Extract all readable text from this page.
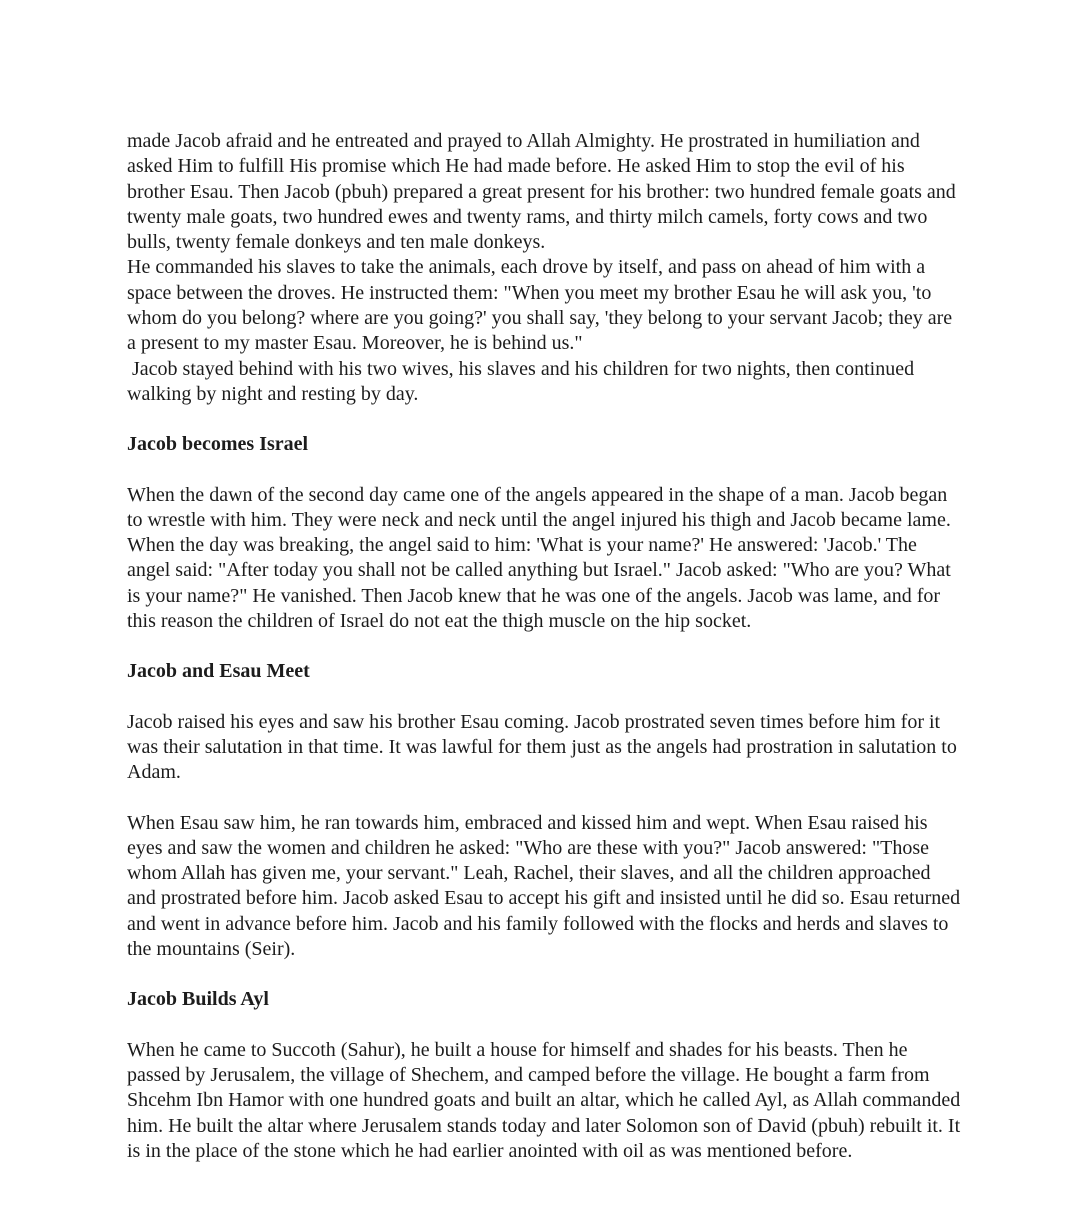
made Jacob afraid and he entreated and prayed to Allah Almighty. He prostrated in humiliation and asked Him to fulfill His promise which He had made before. He asked Him to stop the evil of his brother Esau. Then Jacob (pbuh) prepared a great present for his brother: two hundred female goats and twenty male goats, two hundred ewes and twenty rams, and thirty milch camels, forty cows and two bulls, twenty female donkeys and ten male donkeys.

He commanded his slaves to take the animals, each drove by itself, and pass on ahead of him with a space between the droves. He instructed them: "When you meet my brother Esau he will ask you, 'to whom do you belong? where are you going?' you shall say, 'they belong to your servant Jacob; they are a present to my master Esau. Moreover, he is behind us."

Jacob stayed behind with his two wives, his slaves and his children for two nights, then continued walking by night and resting by day.

Jacob becomes Israel

When the dawn of the second day came one of the angels appeared in the shape of a man. Jacob began to wrestle with him. They were neck and neck until the angel injured his thigh and Jacob became lame. When the day was breaking, the angel said to him: 'What is your name?' He answered: 'Jacob.' The angel said: "After today you shall not be called anything but Israel." Jacob asked: "Who are you? What is your name?" He vanished. Then Jacob knew that he was one of the angels. Jacob was lame, and for this reason the children of Israel do not eat the thigh muscle on the hip socket.

Jacob and Esau Meet

Jacob raised his eyes and saw his brother Esau coming. Jacob prostrated seven times before him for it was their salutation in that time. It was lawful for them just as the angels had prostration in salutation to Adam.

When Esau saw him, he ran towards him, embraced and kissed him and wept. When Esau raised his eyes and saw the women and children he asked: "Who are these with you?" Jacob answered: "Those whom Allah has given me, your servant." Leah, Rachel, their slaves, and all the children approached and prostrated before him. Jacob asked Esau to accept his gift and insisted until he did so. Esau returned and went in advance before him. Jacob and his family followed with the flocks and herds and slaves to the mountains (Seir).

Jacob Builds Ayl

When he came to Succoth (Sahur), he built a house for himself and shades for his beasts. Then he passed by Jerusalem, the village of Shechem, and camped before the village. He bought a farm from Shcehm Ibn Hamor with one hundred goats and built an altar, which he called Ayl, as Allah commanded him. He built the altar where Jerusalem stands today and later Solomon son of David (pbuh) rebuilt it. It is in the place of the stone which he had earlier anointed with oil as was mentioned before.
